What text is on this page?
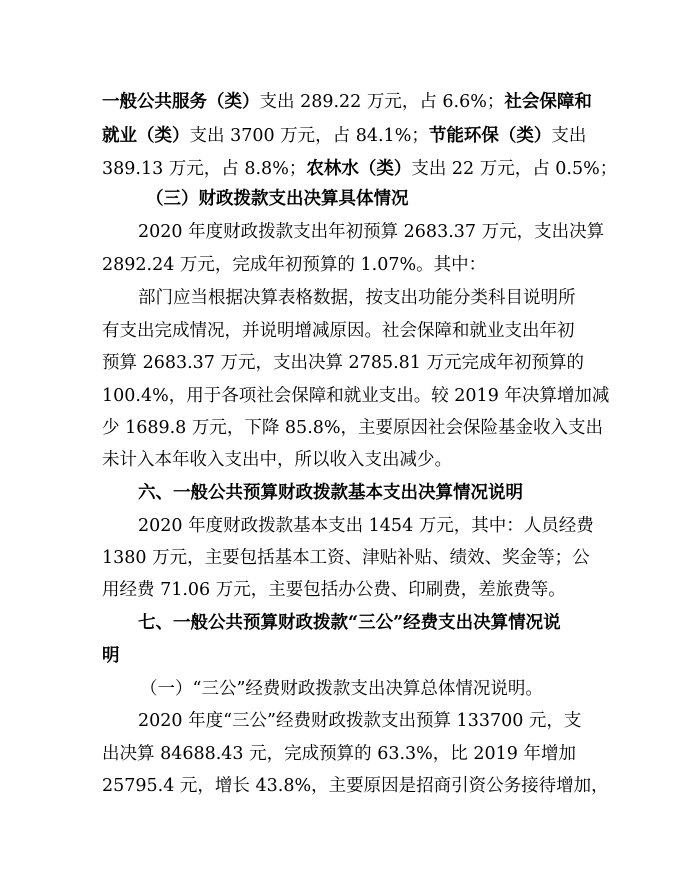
一般公共服务（类）支出 289.22 万元，占 6.6%；社会保障和
就业（类）支出 3700 万元，占 84.1%；节能环保（类）支出
389.13 万元，占 8.8%；农林水（类）支出 22 万元，占 0.5%；
（三）财政拨款支出决算具体情况
2020 年度财政拨款支出年初预算 2683.37 万元，支出决算
2892.24 万元，完成年初预算的 1.07%。其中：
部门应当根据决算表格数据，按支出功能分类科目说明所
有支出完成情况，并说明增减原因。社会保障和就业支出年初
预算 2683.37 万元，支出决算 2785.81 万元完成年初预算的
100.4%，用于各项社会保障和就业支出。较 2019 年决算增加减
少 1689.8 万元，下降 85.8%，主要原因社会保险基金收入支出
未计入本年收入支出中，所以收入支出减少。
六、一般公共预算财政拨款基本支出决算情况说明
2020 年度财政拨款基本支出 1454 万元，其中：人员经费
1380 万元，主要包括基本工资、津贴补贴、绩效、奖金等；公
用经费 71.06 万元，主要包括办公费、印刷费，差旅费等。
七、一般公共预算财政拨款“三公”经费支出决算情况说
明
（一）“三公”经费财政拨款支出决算总体情况说明。
2020 年度“三公”经费财政拨款支出预算 133700 元，支
出决算 84688.43 元，完成预算的 63.3%，比 2019 年增加
25795.4 元，增长 43.8%，主要原因是招商引资公务接待增加，
